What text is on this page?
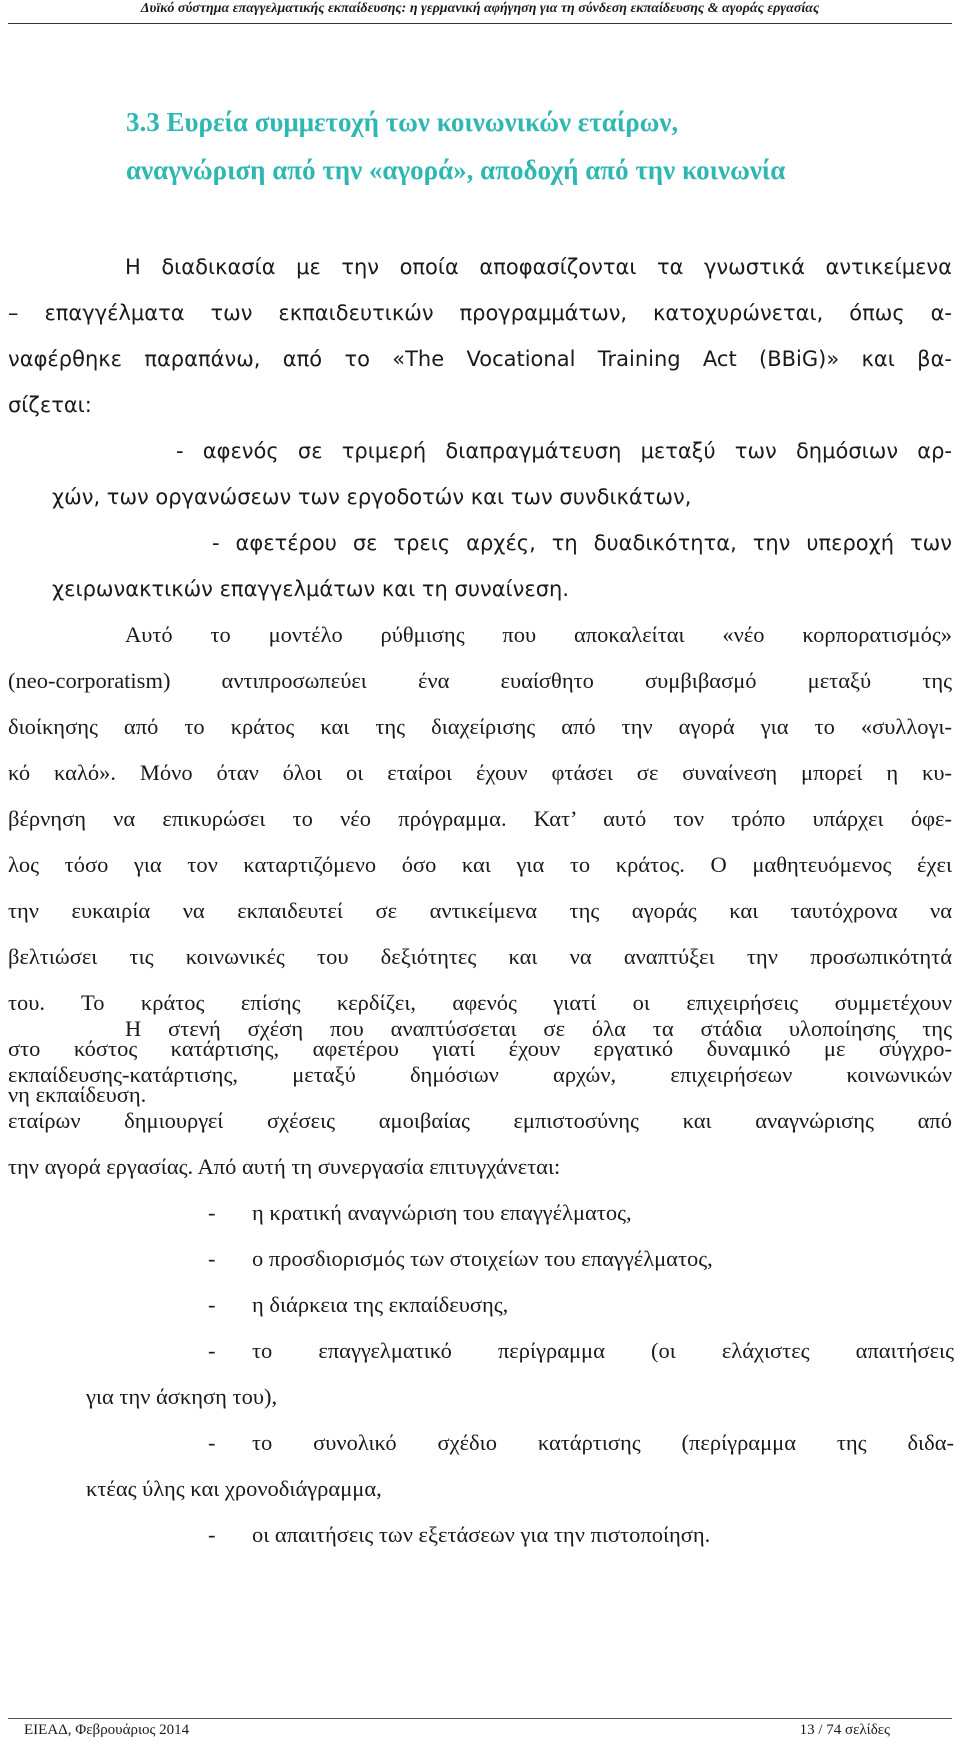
Δυϊκό σύστημα επαγγελματικής εκπαίδευσης: η γερμανική αφήγηση για τη σύνδεση εκπαίδευσης & αγοράς εργασίας
3.3 Ευρεία συμμετοχή των κοινωνικών εταίρων,
αναγνώριση από την «αγορά», αποδοχή από την κοινωνία
Η διαδικασία με την οποία αποφασίζονται τα γνωστικά αντικείμενα
– επαγγέλματα των εκπαιδευτικών προγραμμάτων, κατοχυρώνεται, όπως α-
ναφέρθηκε παραπάνω, από το «The Vocational Training Act (BBiG)» και βα-
σίζεται:
- αφενός σε τριμερή διαπραγμάτευση μεταξύ των δημόσιων αρ-
χών, των οργανώσεων των εργοδοτών και των συνδικάτων,
- αφετέρου σε τρεις αρχές, τη δυαδικότητα, την υπεροχή των
χειρωνακτικών επαγγελμάτων και τη συναίνεση.
Αυτό το μοντέλο ρύθμισης που αποκαλείται «νέο κορπορατισμός»
(neo-corporatism) αντιπροσωπεύει ένα ευαίσθητο συμβιβασμό μεταξύ της
διοίκησης από το κράτος και της διαχείρισης από την αγορά για το «συλλογι-
κό καλό». Μόνο όταν όλοι οι εταίροι έχουν φτάσει σε συναίνεση μπορεί η κυ-
βέρνηση να επικυρώσει το νέο πρόγραμμα. Κατ’ αυτό τον τρόπο υπάρχει όφε-
λος τόσο για τον καταρτιζόμενο όσο και για το κράτος. Ο μαθητευόμενος έχει
την ευκαιρία να εκπαιδευτεί σε αντικείμενα της αγοράς και ταυτόχρονα να
βελτιώσει τις κοινωνικές του δεξιότητες και να αναπτύξει την προσωπικότητά
του. Το κράτος επίσης κερδίζει, αφενός γιατί οι επιχειρήσεις συμμετέχουν
στο κόστος κατάρτισης, αφετέρου γιατί έχουν εργατικό δυναμικό με σύγχρο-
νη εκπαίδευση.
Η στενή σχέση που αναπτύσσεται σε όλα τα στάδια υλοποίησης της
εκπαίδευσης-κατάρτισης, μεταξύ δημόσιων αρχών, επιχειρήσεων κοινωνικών
εταίρων δημιουργεί σχέσεις αμοιβαίας εμπιστοσύνης και αναγνώρισης από
την αγορά εργασίας. Από αυτή τη συνεργασία επιτυγχάνεται:
- η κρατική αναγνώριση του επαγγέλματος,
- ο προσδιορισμός των στοιχείων του επαγγέλματος,
- η διάρκεια της εκπαίδευσης,
- το επαγγελματικό περίγραμμα (οι ελάχιστες απαιτήσεις
για την άσκηση του),
- το συνολικό σχέδιο κατάρτισης (περίγραμμα της διδα-
κτέας ύλης και χρονοδιάγραμμα,
- οι απαιτήσεις των εξετάσεων για την πιστοποίηση.
ΕΙΕΑΔ, Φεβρουάριος 2014	13 / 74 σελίδες
